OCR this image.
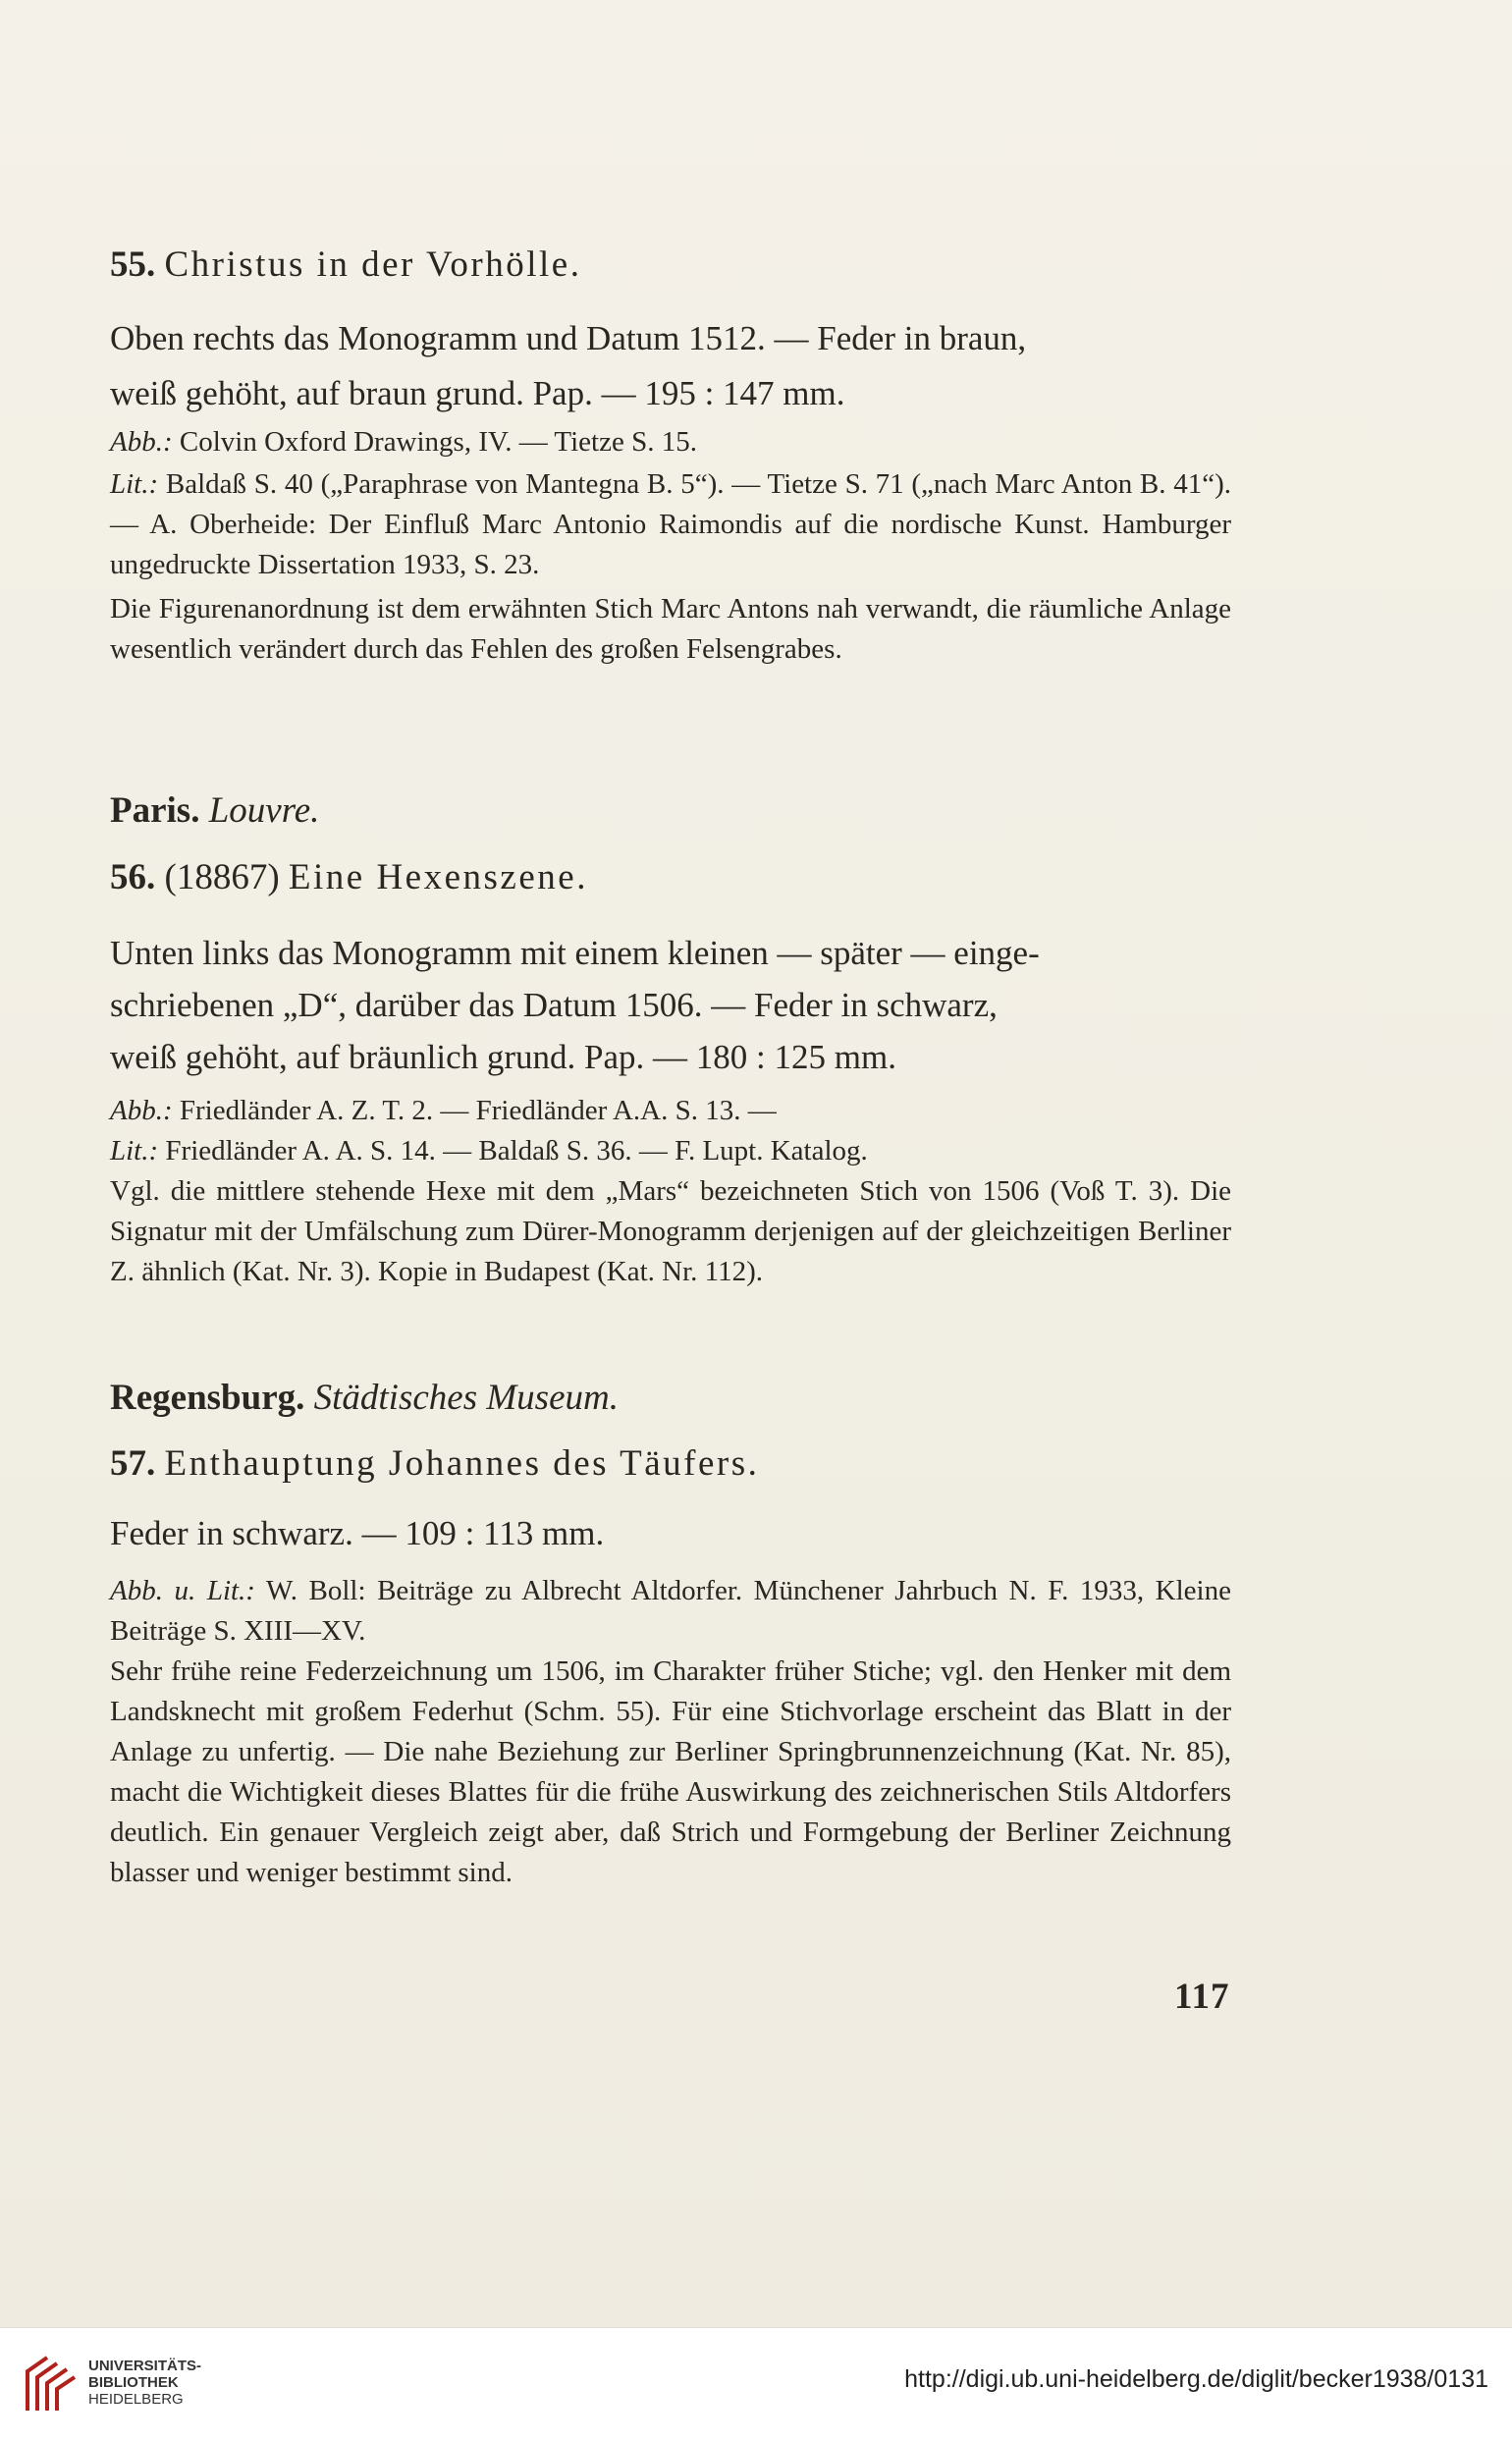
55. Christus in der Vorhölle.

Oben rechts das Monogramm und Datum 1512. — Feder in braun,

weiß gehöht, auf braun grund. Pap. — 195 : 147 mm.

Abb.: Colvin Oxford Drawings, IV. — Tietze S. 15.

Lit.: Baldaß S. 40 („Paraphrase von Mantegna B. 5“). — Tietze S. 71 („nach Marc Anton B. 41“). — A. Oberheide: Der Einfluß Marc Antonio Raimondis auf die nordische Kunst. Hamburger ungedruckte Dissertation 1933, S. 23.

Die Figurenanordnung ist dem erwähnten Stich Marc Antons nah verwandt, die räumliche Anlage wesentlich verändert durch das Fehlen des großen Felsengrabes.

Paris. Louvre.
56. (18867) Eine Hexenszene.

Unten links das Monogramm mit einem kleinen — später — einge-

schriebenen „D“, darüber das Datum 1506. — Feder in schwarz,

weiß gehöht, auf bräunlich grund. Pap. — 180 : 125 mm.

Abb.: Friedländer A. Z. T. 2. — Friedländer A.A. S. 13. —

Lit.: Friedländer A. A. S. 14. — Baldaß S. 36. — F. Lupt. Katalog.

Vgl. die mittlere stehende Hexe mit dem „Mars“ bezeichneten Stich von 1506 (Voß T. 3). Die Signatur mit der Umfälschung zum Dürer-Monogramm derjenigen auf der gleichzeitigen Berliner Z. ähnlich (Kat. Nr. 3). Kopie in Budapest (Kat. Nr. 112).

Regensburg. Städtisches Museum.
57. Enthauptung Johannes des Täufers.

Feder in schwarz. — 109 : 113 mm.

Abb. u. Lit.: W. Boll: Beiträge zu Albrecht Altdorfer. Münchener Jahrbuch N. F. 1933, Kleine Beiträge S. XIII—XV.

Sehr frühe reine Federzeichnung um 1506, im Charakter früher Stiche; vgl. den Henker mit dem Landsknecht mit großem Federhut (Schm. 55). Für eine Stichvorlage erscheint das Blatt in der Anlage zu unfertig. — Die nahe Beziehung zur Berliner Springbrunnenzeichnung (Kat. Nr. 85), macht die Wichtigkeit dieses Blattes für die frühe Auswirkung des zeichnerischen Stils Altdorfers deutlich. Ein genauer Vergleich zeigt aber, daß Strich und Formgebung der Berliner Zeichnung blasser und weniger bestimmt sind.

117
UNIVERSITÄTS-
BIBLIOTHEK
HEIDELBERG
http://digi.ub.uni-heidelberg.de/diglit/becker1938/0131
